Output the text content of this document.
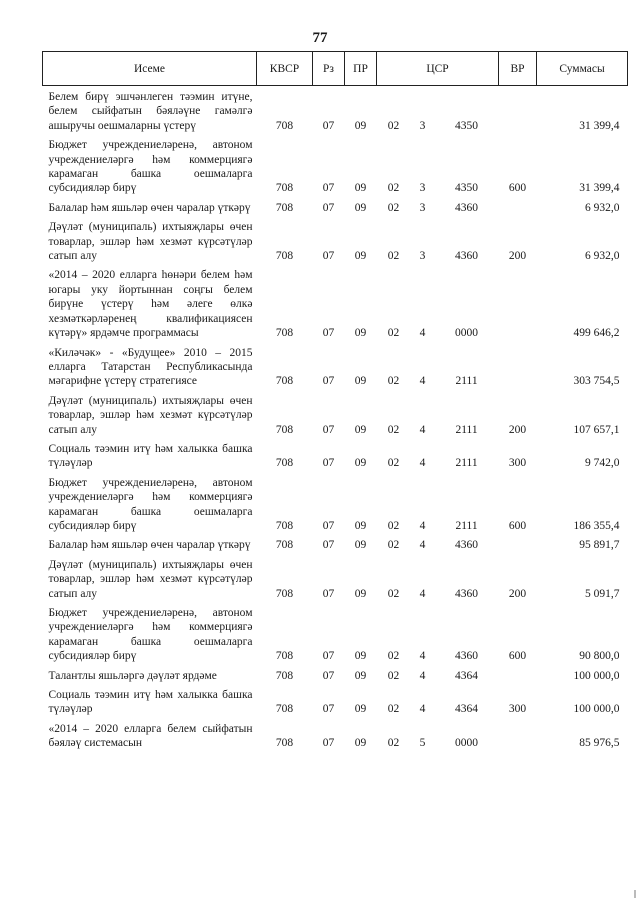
77
Исеме	КВСР	Рз	ПР	ЦСР			ВР	Суммасы
Белем бирү эшчәнлеген тәэмин итүне, белем сыйфатын бәяләүне гамәлгә ашыручы оешмаларны үстерү	708	07	09	02	3	4350		31 399,4
Бюджет учреждениеләренә, автоном учреждениеләргә һәм коммерциягә карамаган башка оешмаларга субсидияләр бирү	708	07	09	02	3	4350	600	31 399,4
Балалар һәм яшьләр өчен чаралар үткәрү	708	07	09	02	3	4360		6 932,0
Дәүләт (муниципаль) ихтыяҗлары өчен товарлар, эшләр һәм хезмәт күрсәтүләр сатып алу	708	07	09	02	3	4360	200	6 932,0
«2014 – 2020 елларга һөнәри белем һәм югары уку йортыннан соңгы белем бирүне үстерү һәм әлеге өлкә хезмәткәрләренең квалификациясен күтәрү» ярдәмче программасы	708	07	09	02	4	0000		499 646,2
«Киләчәк» - «Будущее» 2010 – 2015 елларга Татарстан Республикасында мәгарифне үстерү стратегиясе	708	07	09	02	4	2111		303 754,5
Дәүләт (муниципаль) ихтыяҗлары өчен товарлар, эшләр һәм хезмәт күрсәтүләр сатып алу	708	07	09	02	4	2111	200	107 657,1
Социаль тәэмин итү һәм халыкка башка түләүләр	708	07	09	02	4	2111	300	9 742,0
Бюджет учреждениеләренә, автоном учреждениеләргә һәм коммерциягә карамаган башка оешмаларга субсидияләр бирү	708	07	09	02	4	2111	600	186 355,4
Балалар һәм яшьләр өчен чаралар үткәрү	708	07	09	02	4	4360		95 891,7
Дәүләт (муниципаль) ихтыяҗлары өчен товарлар, эшләр һәм хезмәт күрсәтүләр сатып алу	708	07	09	02	4	4360	200	5 091,7
Бюджет учреждениеләренә, автоном учреждениеләргә һәм коммерциягә карамаган башка оешмаларга субсидияләр бирү	708	07	09	02	4	4360	600	90 800,0
Талантлы яшьләргә дәүләт ярдәме	708	07	09	02	4	4364		100 000,0
Социаль тәэмин итү һәм халыкка башка түләүләр	708	07	09	02	4	4364	300	100 000,0
«2014 – 2020 елларга белем сыйфатын бәяләү системасын	708	07	09	02	5	0000		85 976,5
